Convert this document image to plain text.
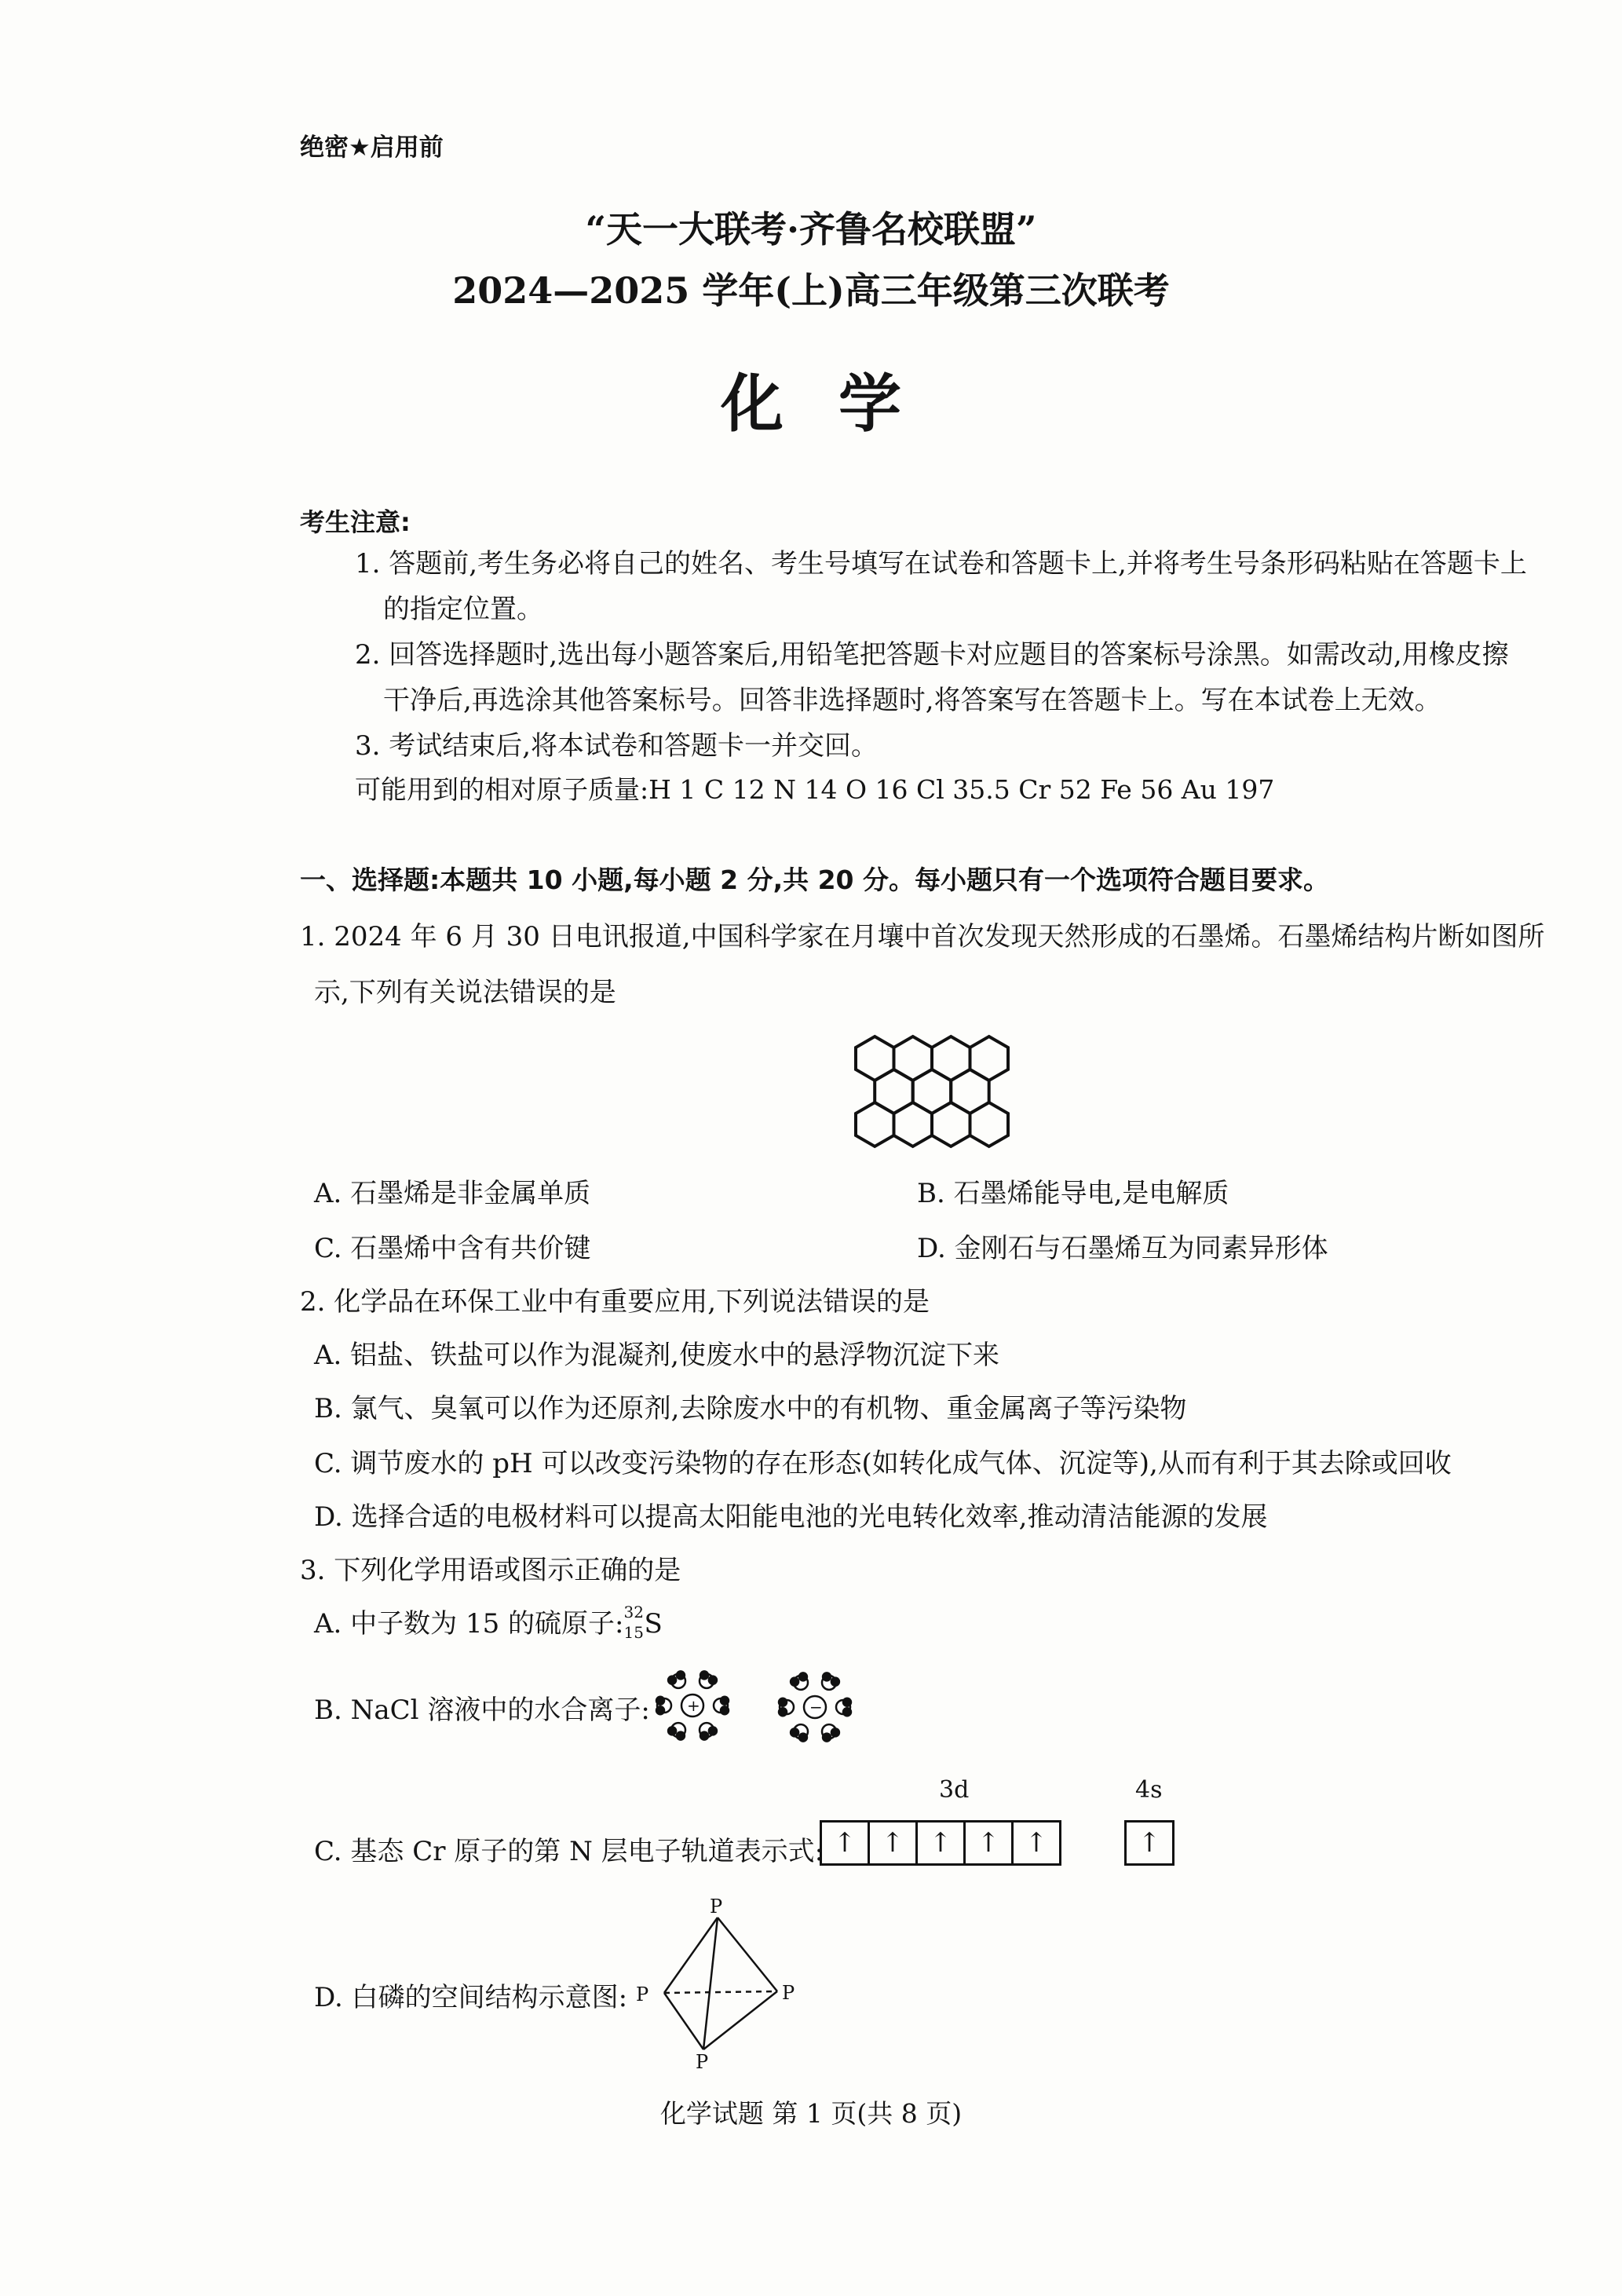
绝密★启用前
“天一大联考·齐鲁名校联盟”
2024—2025 学年(上)高三年级第三次联考
化学
考生注意:
1. 答题前,考生务必将自己的姓名、考生号填写在试卷和答题卡上,并将考生号条形码粘贴在答题卡上
的指定位置。
2. 回答选择题时,选出每小题答案后,用铅笔把答题卡对应题目的答案标号涂黑。如需改动,用橡皮擦
干净后,再选涂其他答案标号。回答非选择题时,将答案写在答题卡上。写在本试卷上无效。
3. 考试结束后,将本试卷和答题卡一并交回。
可能用到的相对原子质量:H 1 C 12 N 14 O 16 Cl 35.5 Cr 52 Fe 56 Au 197
一、选择题:本题共 10 小题,每小题 2 分,共 20 分。每小题只有一个选项符合题目要求。
1. 2024 年 6 月 30 日电讯报道,中国科学家在月壤中首次发现天然形成的石墨烯。石墨烯结构片断如图所
示,下列有关说法错误的是
A. 石墨烯是非金属单质	B. 石墨烯能导电,是电解质
C. 石墨烯中含有共价键	D. 金刚石与石墨烯互为同素异形体
2. 化学品在环保工业中有重要应用,下列说法错误的是
A. 铝盐、铁盐可以作为混凝剂,使废水中的悬浮物沉淀下来
B. 氯气、臭氧可以作为还原剂,去除废水中的有机物、重金属离子等污染物
C. 调节废水的 pH 可以改变污染物的存在形态(如转化成气体、沉淀等),从而有利于其去除或回收
D. 选择合适的电极材料可以提高太阳能电池的光电转化效率,推动清洁能源的发展
3. 下列化学用语或图示正确的是
A. 中子数为 15 的硫原子: 32
15 S
B. NaCl 溶液中的水合离子: +	−
3d	4s
C. 基态 Cr 原子的第 N 层电子轨道表示式: ↑ ↑ ↑ ↑ ↑	↑
D. 白磷的空间结构示意图:
P
P	P
P
化学试题 第 1 页(共 8 页)
